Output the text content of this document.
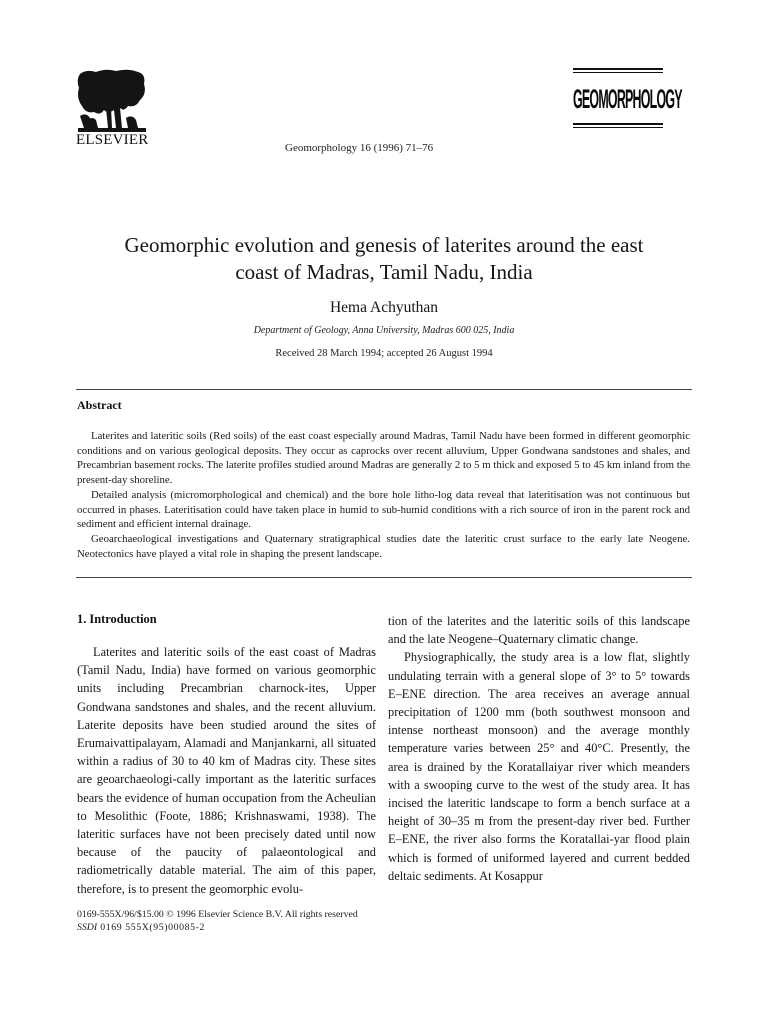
ELSEVIER	Geomorphology 16 (1996) 71–76
GEOMORPHOLOGY
Geomorphic evolution and genesis of laterites around the east
coast of Madras, Tamil Nadu, India
Hema Achyuthan
Department of Geology, Anna University, Madras 600 025, India
Received 28 March 1994; accepted 26 August 1994
Abstract

Laterites and lateritic soils (Red soils) of the east coast especially around Madras, Tamil Nadu have been formed in different geomorphic conditions and on various geological deposits. They occur as caprocks over recent alluvium, Upper Gondwana sandstones and shales, and Precambrian basement rocks. The laterite profiles studied around Madras are generally 2 to 5 m thick and exposed 5 to 45 km inland from the present-day shoreline.

Detailed analysis (micromorphological and chemical) and the bore hole litho-log data reveal that lateritisation was not continuous but occurred in phases. Lateritisation could have taken place in humid to sub-humid conditions with a rich source of iron in the parent rock and sediment and efficient internal drainage.

Geoarchaeological investigations and Quaternary stratigraphical studies date the lateritic crust surface to the early late Neogene. Neotectonics have played a vital role in shaping the present landscape.

1. Introduction

Laterites and lateritic soils of the east coast of Madras (Tamil Nadu, India) have formed on various geomorphic units including Precambrian charnock-ites, Upper Gondwana sandstones and shales, and the recent alluvium. Laterite deposits have been studied around the sites of Erumaivattipalayam, Alamadi and Manjankarni, all situated within a radius of 30 to 40 km of Madras city. These sites are geoarchaeologi-cally important as the lateritic surfaces bears the evidence of human occupation from the Acheulian to Mesolithic (Foote, 1886; Krishnaswami, 1938). The lateritic surfaces have not been precisely dated until now because of the paucity of palaeontological and radiometrically datable material. The aim of this paper, therefore, is to present the geomorphic evolu-

tion of the laterites and the lateritic soils of this landscape and the late Neogene–Quaternary climatic change.

Physiographically, the study area is a low flat, slightly undulating terrain with a general slope of 3° to 5° towards E–ENE direction. The area receives an average annual precipitation of 1200 mm (both southwest monsoon and intense northeast monsoon) and the average monthly temperature varies between 25° and 40°C. Presently, the area is drained by the Koratallaiyar river which meanders with a swooping curve to the west of the study area. It has incised the lateritic landscape to form a bench surface at a height of 30–35 m from the present-day river bed. Further E–ENE, the river also forms the Koratallai-yar flood plain which is formed of uniformed layered and current bedded deltaic sediments. At Kosappur

0169-555X/96/$15.00 © 1996 Elsevier Science B.V. All rights reserved
SSDI 0169 555X(95)00085-2
